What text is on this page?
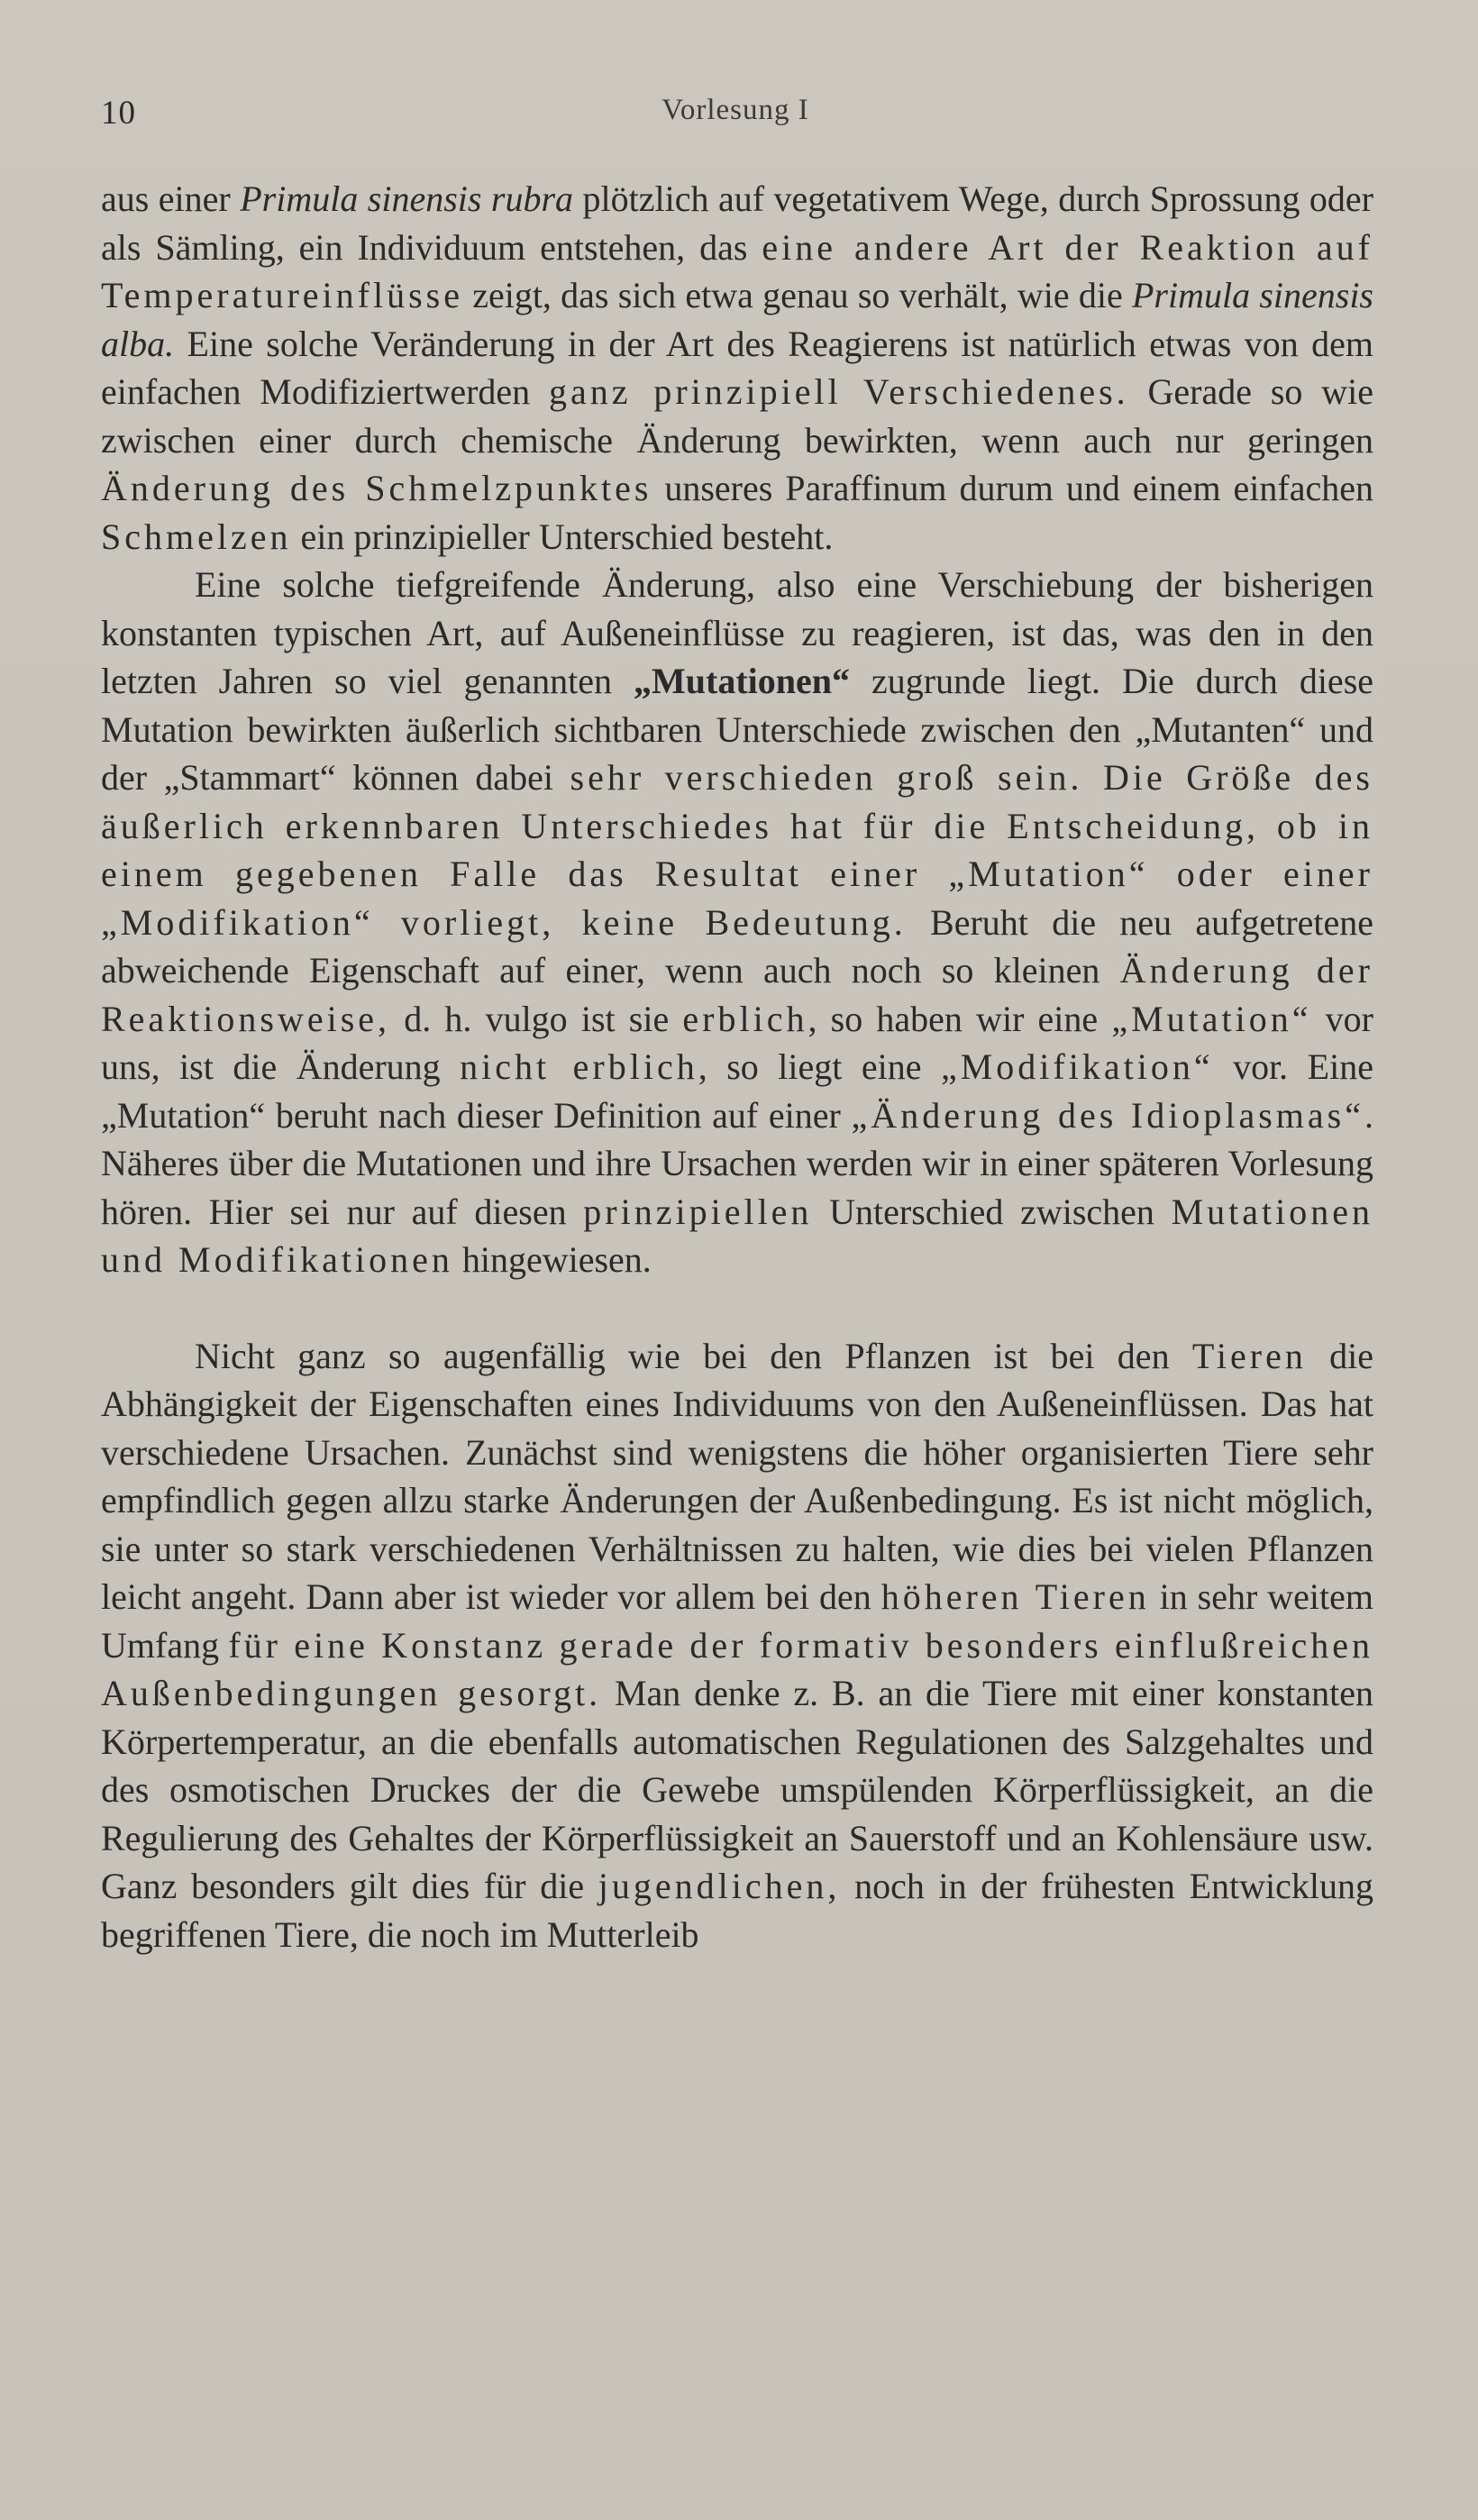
10	Vorlesung I

aus einer Primula sinensis rubra plötzlich auf vegetativem Wege, durch Sprossung oder als Sämling, ein Individuum entstehen, das eine andere Art der Reaktion auf Temperatureinflüsse zeigt, das sich etwa genau so verhält, wie die Primula sinensis alba. Eine solche Veränderung in der Art des Reagierens ist natürlich etwas von dem einfachen Modifiziertwerden ganz prinzipiell Verschiedenes. Gerade so wie zwischen einer durch chemische Änderung bewirkten, wenn auch nur geringen Änderung des Schmelzpunktes unseres Paraffinum durum und einem einfachen Schmelzen ein prinzipieller Unterschied besteht.

Eine solche tiefgreifende Änderung, also eine Verschiebung der bisherigen konstanten typischen Art, auf Außeneinflüsse zu reagieren, ist das, was den in den letzten Jahren so viel genannten „Mutationen“ zugrunde liegt. Die durch diese Mutation bewirkten äußerlich sichtbaren Unterschiede zwischen den „Mutanten“ und der „Stammart“ können dabei sehr verschieden groß sein. Die Größe des äußerlich erkennbaren Unterschiedes hat für die Entscheidung, ob in einem gegebenen Falle das Resultat einer „Mutation“ oder einer „Modifikation“ vorliegt, keine Bedeutung. Beruht die neu aufgetretene abweichende Eigenschaft auf einer, wenn auch noch so kleinen Änderung der Reaktionsweise, d. h. vulgo ist sie erblich, so haben wir eine „Mutation“ vor uns, ist die Änderung nicht erblich, so liegt eine „Modifikation“ vor. Eine „Mutation“ beruht nach dieser Definition auf einer „Änderung des Idioplasmas“. Näheres über die Mutationen und ihre Ursachen werden wir in einer späteren Vorlesung hören. Hier sei nur auf diesen prinzipiellen Unterschied zwischen Mutationen und Modifikationen hingewiesen.

Nicht ganz so augenfällig wie bei den Pflanzen ist bei den Tieren die Abhängigkeit der Eigenschaften eines Individuums von den Außeneinflüssen. Das hat verschiedene Ursachen. Zunächst sind wenigstens die höher organisierten Tiere sehr empfindlich gegen allzu starke Änderungen der Außenbedingung. Es ist nicht möglich, sie unter so stark verschiedenen Verhältnissen zu halten, wie dies bei vielen Pflanzen leicht angeht. Dann aber ist wieder vor allem bei den höheren Tieren in sehr weitem Umfang für eine Konstanz gerade der formativ besonders einflußreichen Außenbedingungen gesorgt. Man denke z. B. an die Tiere mit einer konstanten Körpertemperatur, an die ebenfalls automatischen Regulationen des Salzgehaltes und des osmotischen Druckes der die Gewebe umspülenden Körperflüssigkeit, an die Regulierung des Gehaltes der Körperflüssigkeit an Sauerstoff und an Kohlensäure usw. Ganz besonders gilt dies für die jugendlichen, noch in der frühesten Entwicklung begriffenen Tiere, die noch im Mutterleib
